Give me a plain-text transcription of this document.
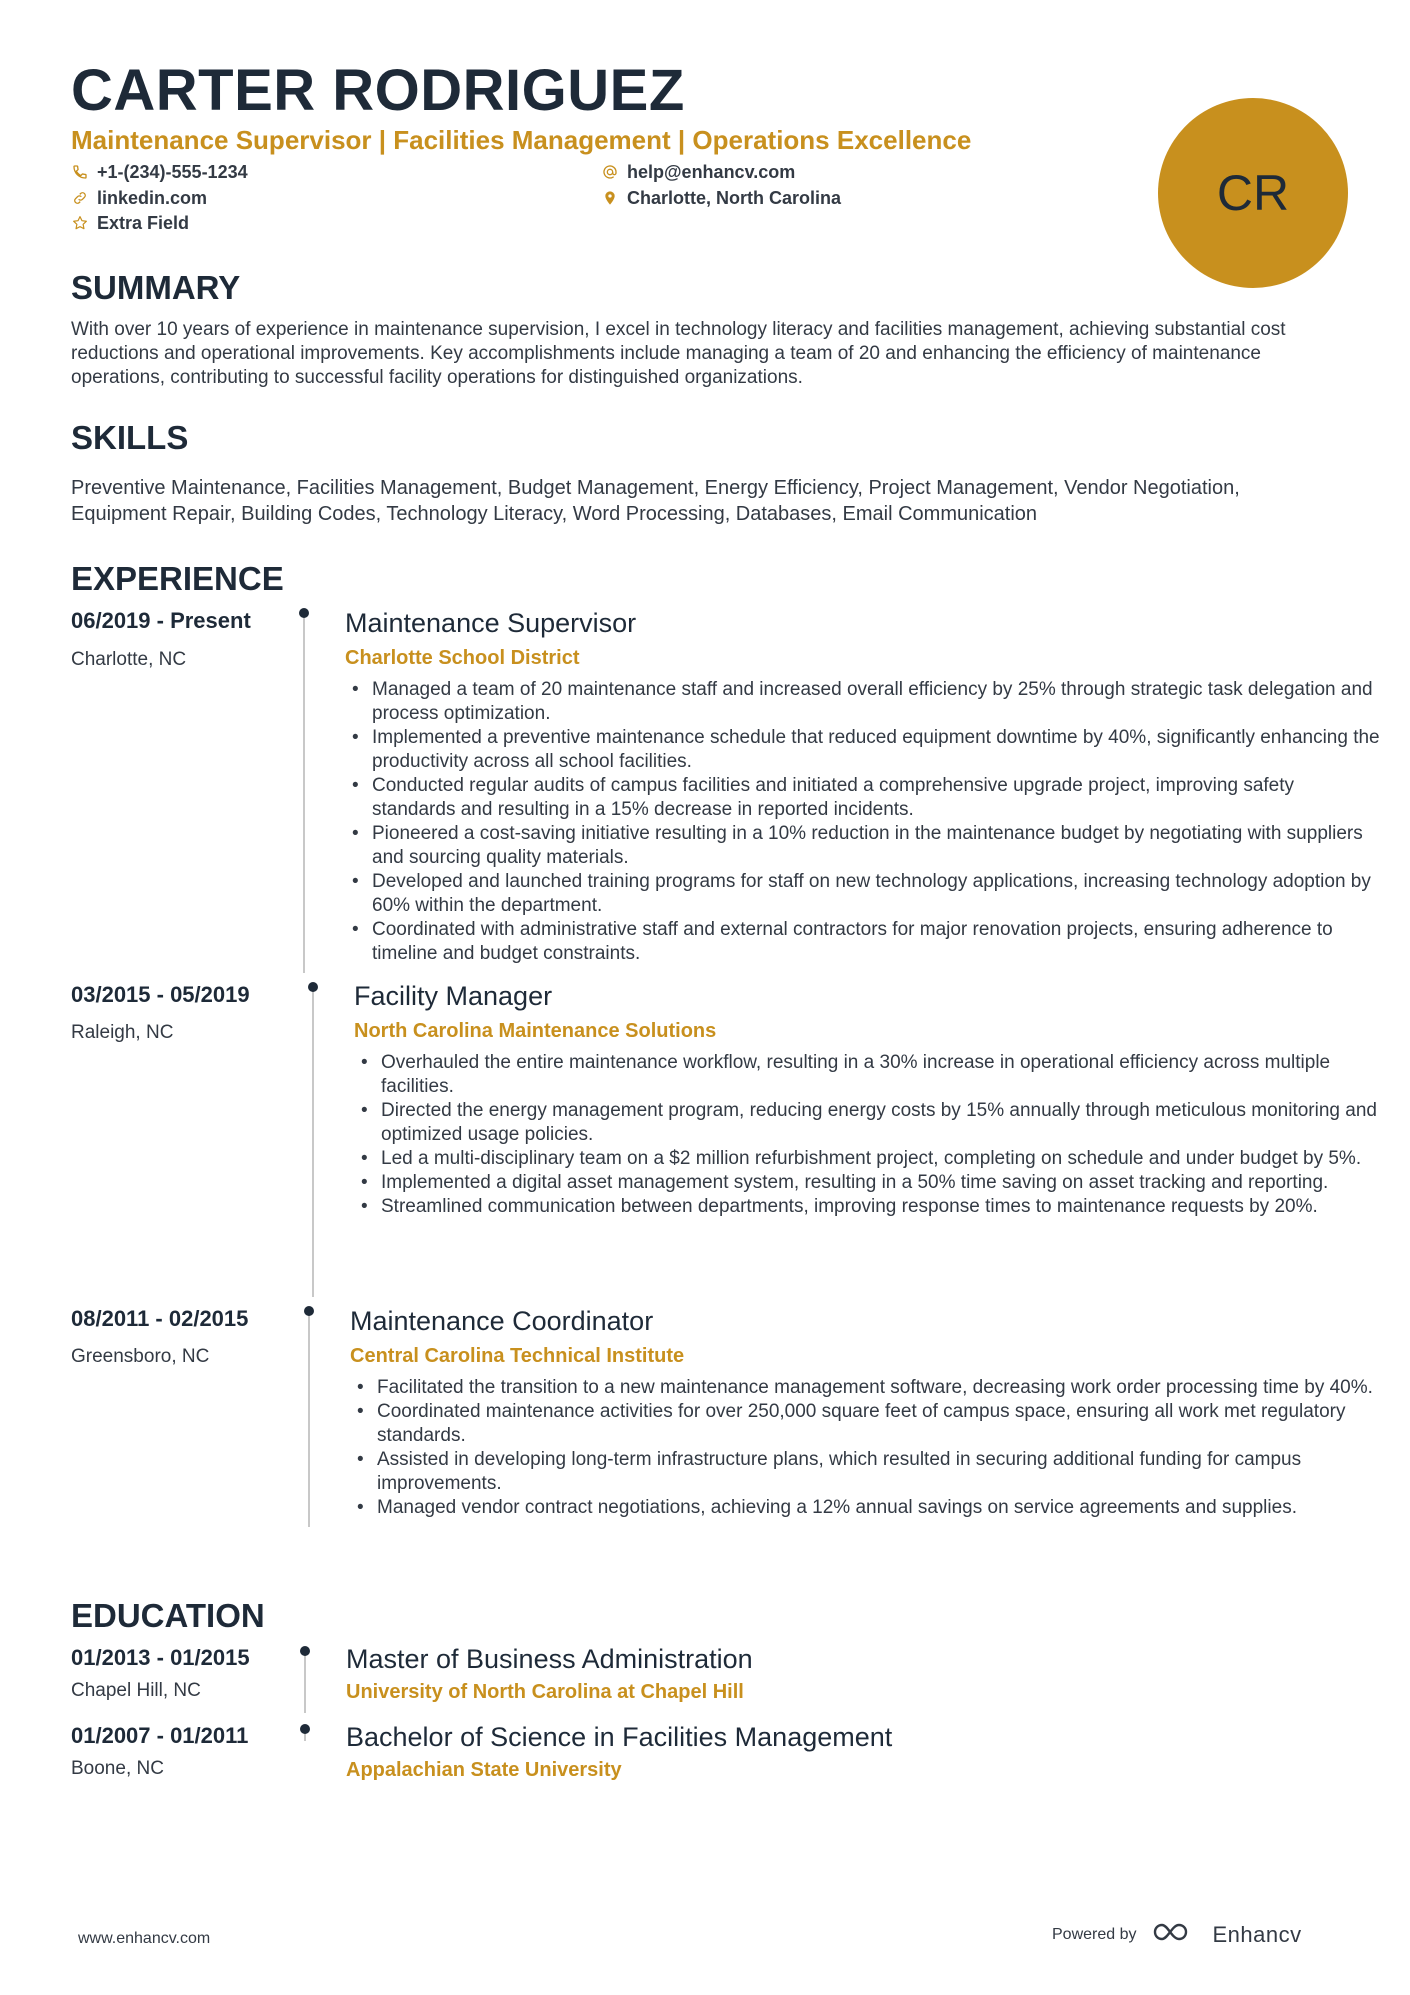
CARTER RODRIGUEZ
Maintenance Supervisor | Facilities Management | Operations Excellence
+1-(234)-555-1234	help@enhancv.com
linkedin.com	Charlotte, North Carolina
Extra Field
CR
SUMMARY

With over 10 years of experience in maintenance supervision, I excel in technology literacy and facilities management, achieving substantial cost reductions and operational improvements. Key accomplishments include managing a team of 20 and enhancing the efficiency of maintenance operations, contributing to successful facility operations for distinguished organizations.

SKILLS

Preventive Maintenance, Facilities Management, Budget Management, Energy Efficiency, Project Management, Vendor Negotiation, Equipment Repair, Building Codes, Technology Literacy, Word Processing, Databases, Email Communication

EXPERIENCE
06/2019 - Present
Charlotte, NC
Maintenance Supervisor
Charlotte School District
• Managed a team of 20 maintenance staff and increased overall efficiency by 25% through strategic task delegation and process optimization.
• Implemented a preventive maintenance schedule that reduced equipment downtime by 40%, significantly enhancing the productivity across all school facilities.
• Conducted regular audits of campus facilities and initiated a comprehensive upgrade project, improving safety standards and resulting in a 15% decrease in reported incidents.
• Pioneered a cost-saving initiative resulting in a 10% reduction in the maintenance budget by negotiating with suppliers and sourcing quality materials.
• Developed and launched training programs for staff on new technology applications, increasing technology adoption by 60% within the department.
• Coordinated with administrative staff and external contractors for major renovation projects, ensuring adherence to timeline and budget constraints.
03/2015 - 05/2019
Raleigh, NC
Facility Manager
North Carolina Maintenance Solutions
• Overhauled the entire maintenance workflow, resulting in a 30% increase in operational efficiency across multiple facilities.
• Directed the energy management program, reducing energy costs by 15% annually through meticulous monitoring and optimized usage policies.
• Led a multi-disciplinary team on a $2 million refurbishment project, completing on schedule and under budget by 5%.
• Implemented a digital asset management system, resulting in a 50% time saving on asset tracking and reporting.
• Streamlined communication between departments, improving response times to maintenance requests by 20%.
08/2011 - 02/2015
Greensboro, NC
Maintenance Coordinator
Central Carolina Technical Institute
• Facilitated the transition to a new maintenance management software, decreasing work order processing time by 40%.
• Coordinated maintenance activities for over 250,000 square feet of campus space, ensuring all work met regulatory standards.
• Assisted in developing long-term infrastructure plans, which resulted in securing additional funding for campus improvements.
• Managed vendor contract negotiations, achieving a 12% annual savings on service agreements and supplies.
EDUCATION
01/2013 - 01/2015
Chapel Hill, NC
Master of Business Administration
University of North Carolina at Chapel Hill
01/2007 - 01/2011
Boone, NC
Bachelor of Science in Facilities Management
Appalachian State University
www.enhancv.com	Powered by	Enhancv
